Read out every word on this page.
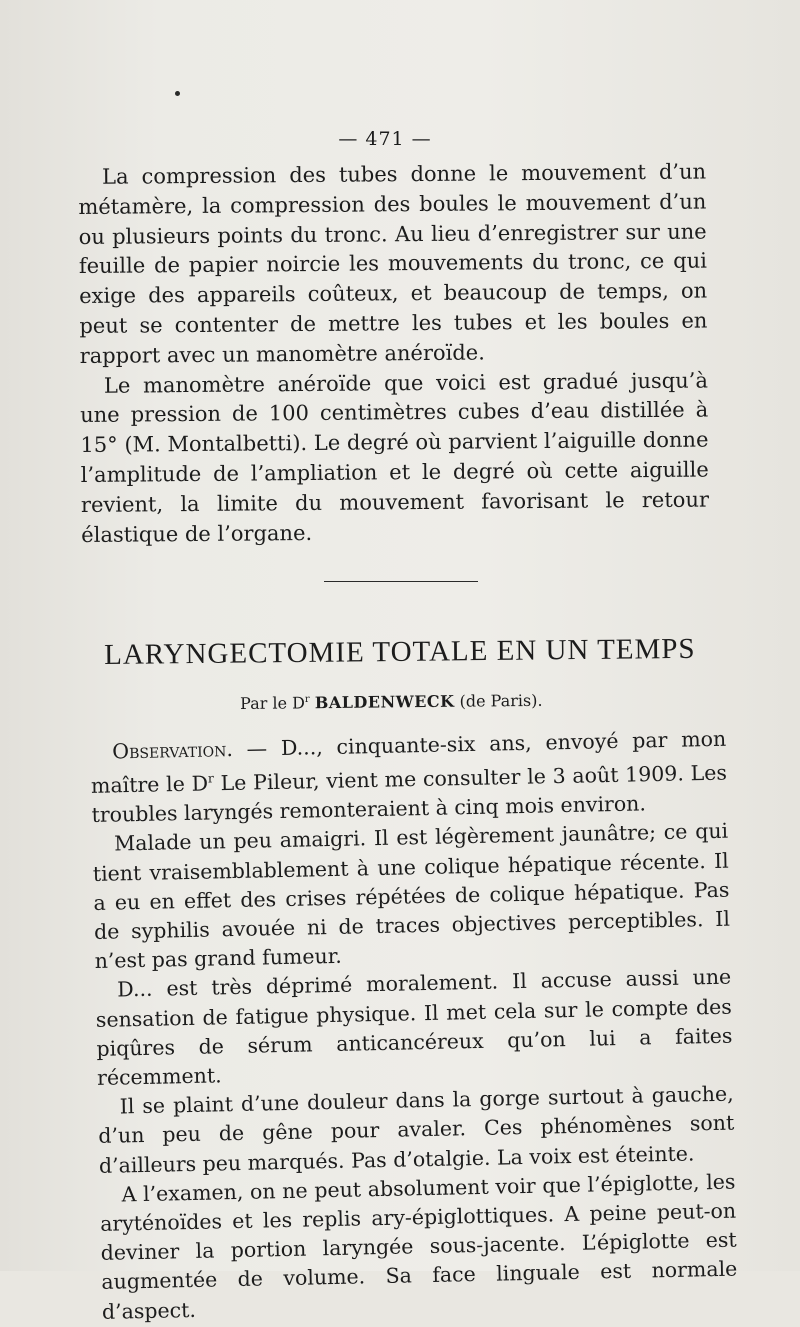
— 471 —

La compression des tubes donne le mouvement d’un métamère, la compression des boules le mouvement d’un ou plusieurs points du tronc. Au lieu d’enregistrer sur une feuille de papier noircie les mouvements du tronc, ce qui exige des appareils coûteux, et beaucoup de temps, on peut se contenter de mettre les tubes et les boules en rapport avec un manomètre anéroïde.

Le manomètre anéroïde que voici est gradué jusqu’à une pression de 100 centimètres cubes d’eau distillée à 15° (M. Montalbetti). Le degré où parvient l’aiguille donne l’amplitude de l’ampliation et le degré où cette aiguille revient, la limite du mouvement favorisant le retour élastique de l’organe.

LARYNGECTOMIE TOTALE EN UN TEMPS
Par le $D^r$ BALDENWECK (de Paris).

Observation. — D..., cinquante-six ans, envoyé par mon maître le $D^r$ Le Pileur, vient me consulter le 3 août 1909. Les troubles laryngés remonteraient à cinq mois environ.

Malade un peu amaigri. Il est légèrement jaunâtre; ce qui tient vraisemblablement à une colique hépatique récente. Il a eu en effet des crises répétées de colique hépatique. Pas de syphilis avouée ni de traces objectives perceptibles. Il n’est pas grand fumeur.

D... est très déprimé moralement. Il accuse aussi une sensation de fatigue physique. Il met cela sur le compte des piqûres de sérum anticancéreux qu’on lui a faites récemment.

Il se plaint d’une douleur dans la gorge surtout à gauche, d’un peu de gêne pour avaler. Ces phénomènes sont d’ailleurs peu marqués. Pas d’otalgie. La voix est éteinte.

A l’examen, on ne peut absolument voir que l’épiglotte, les aryténoïdes et les replis ary-épiglottiques. A peine peut-on deviner la portion laryngée sous-jacente. L’épiglotte est augmentée de volume. Sa face linguale est normale d’aspect.
